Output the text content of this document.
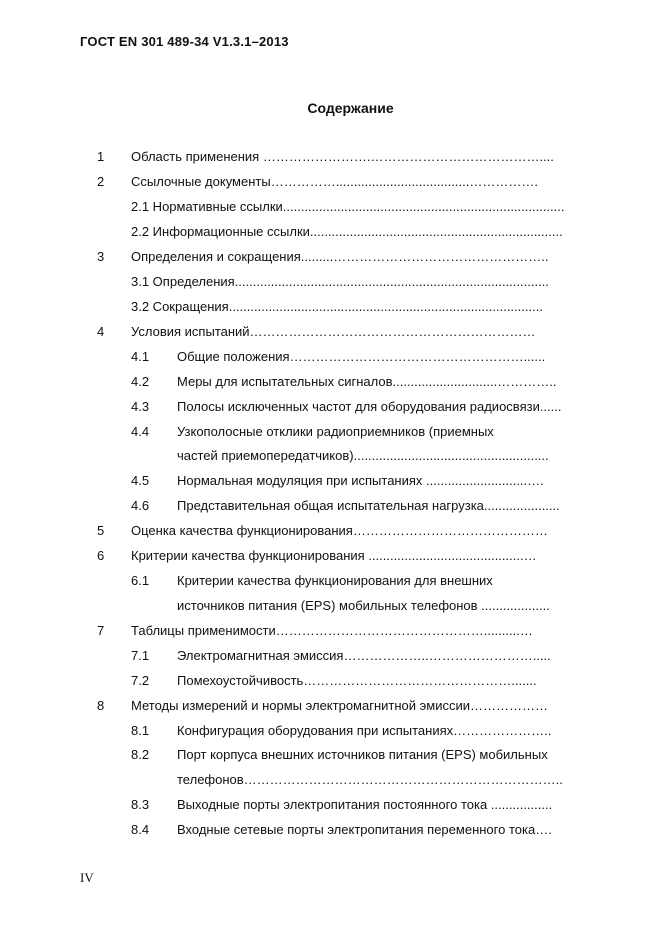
ГОСТ EN 301 489-34 V1.3.1–2013
Содержание
1
2
3
4
5
6
7
8
4.1
4.2
4.3
4.4
4.5
4.6
6.1
7.1
7.2
8.1
8.2
8.3
8.4
Область применения …………………….…………………………………....
Ссылочные документы…………….....................................…………….
2.1 Нормативные ссылки..............................................................................
2.2 Информационные ссылки......................................................................
Определения и сокращения.........…………………………………………..
3.1 Определения.......................................................................................
3.2 Сокращения.......................................................................................
Условия испытаний…………………………………………………………
Общие положения………………………………………………......
Меры для испытательных сигналов.............................…………..
Полосы исключенных частот для оборудования радиосвязи......
Узкополосные отклики радиоприемников (приемных
частей приемопередатчиков)......................................................
Нормальная модуляция при испытаниях ............................….
Представительная общая испытательная нагрузка.....................
Оценка качества функционирования………………………………………
Критерии качества функционирования ...........................................…
Критерии качества функционирования для внешних
источников питания (EPS) мобильных телефонов ...................
Таблицы применимости…………………………………………..........…
Электромагнитная эмиссия………………..…………………….....
Помехоустойчивость………………………………………….......
Методы измерений и нормы электромагнитной эмиссии………………
Конфигурация оборудования при испытаниях…………………..
Порт корпуса внешних источников питания (EPS) мобильных
телефонов………………………………………………………………..
Выходные порты электропитания постоянного тока .................
Входные сетевые порты электропитания переменного тока….
IV
